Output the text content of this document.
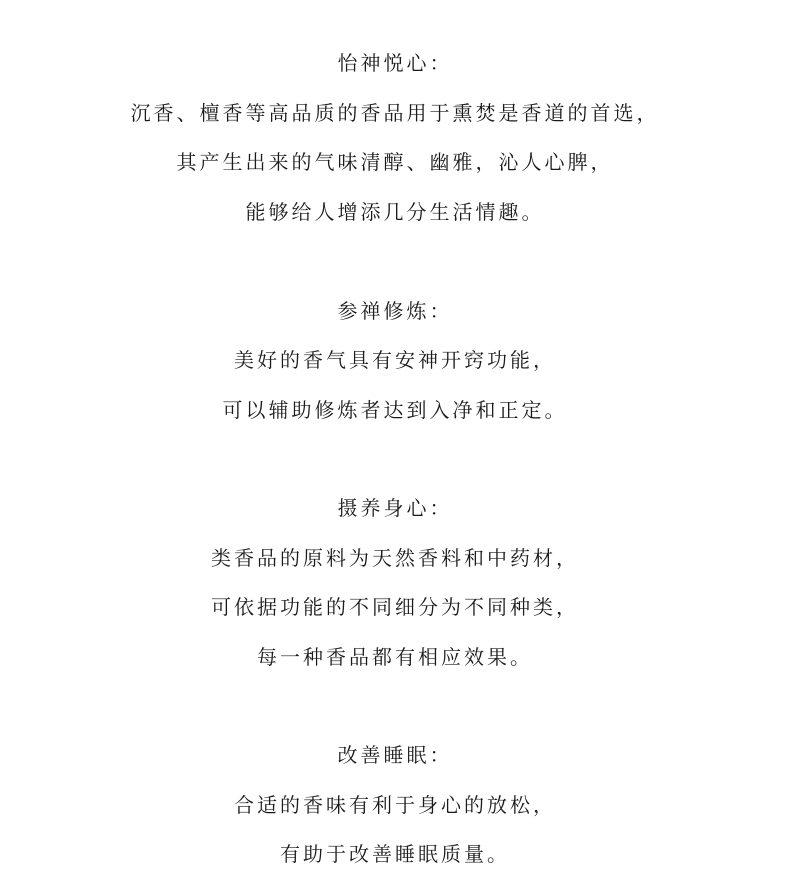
怡神悦心：
沉香、檀香等高品质的香品用于熏焚是香道的首选，
其产生出来的气味清醇、幽雅，沁人心脾，
能够给人增添几分生活情趣。
参禅修炼：
美好的香气具有安神开窍功能，
可以辅助修炼者达到入净和正定。
摄养身心：
类香品的原料为天然香料和中药材，
可依据功能的不同细分为不同种类，
每一种香品都有相应效果。
改善睡眠：
合适的香味有利于身心的放松，
有助于改善睡眠质量。
